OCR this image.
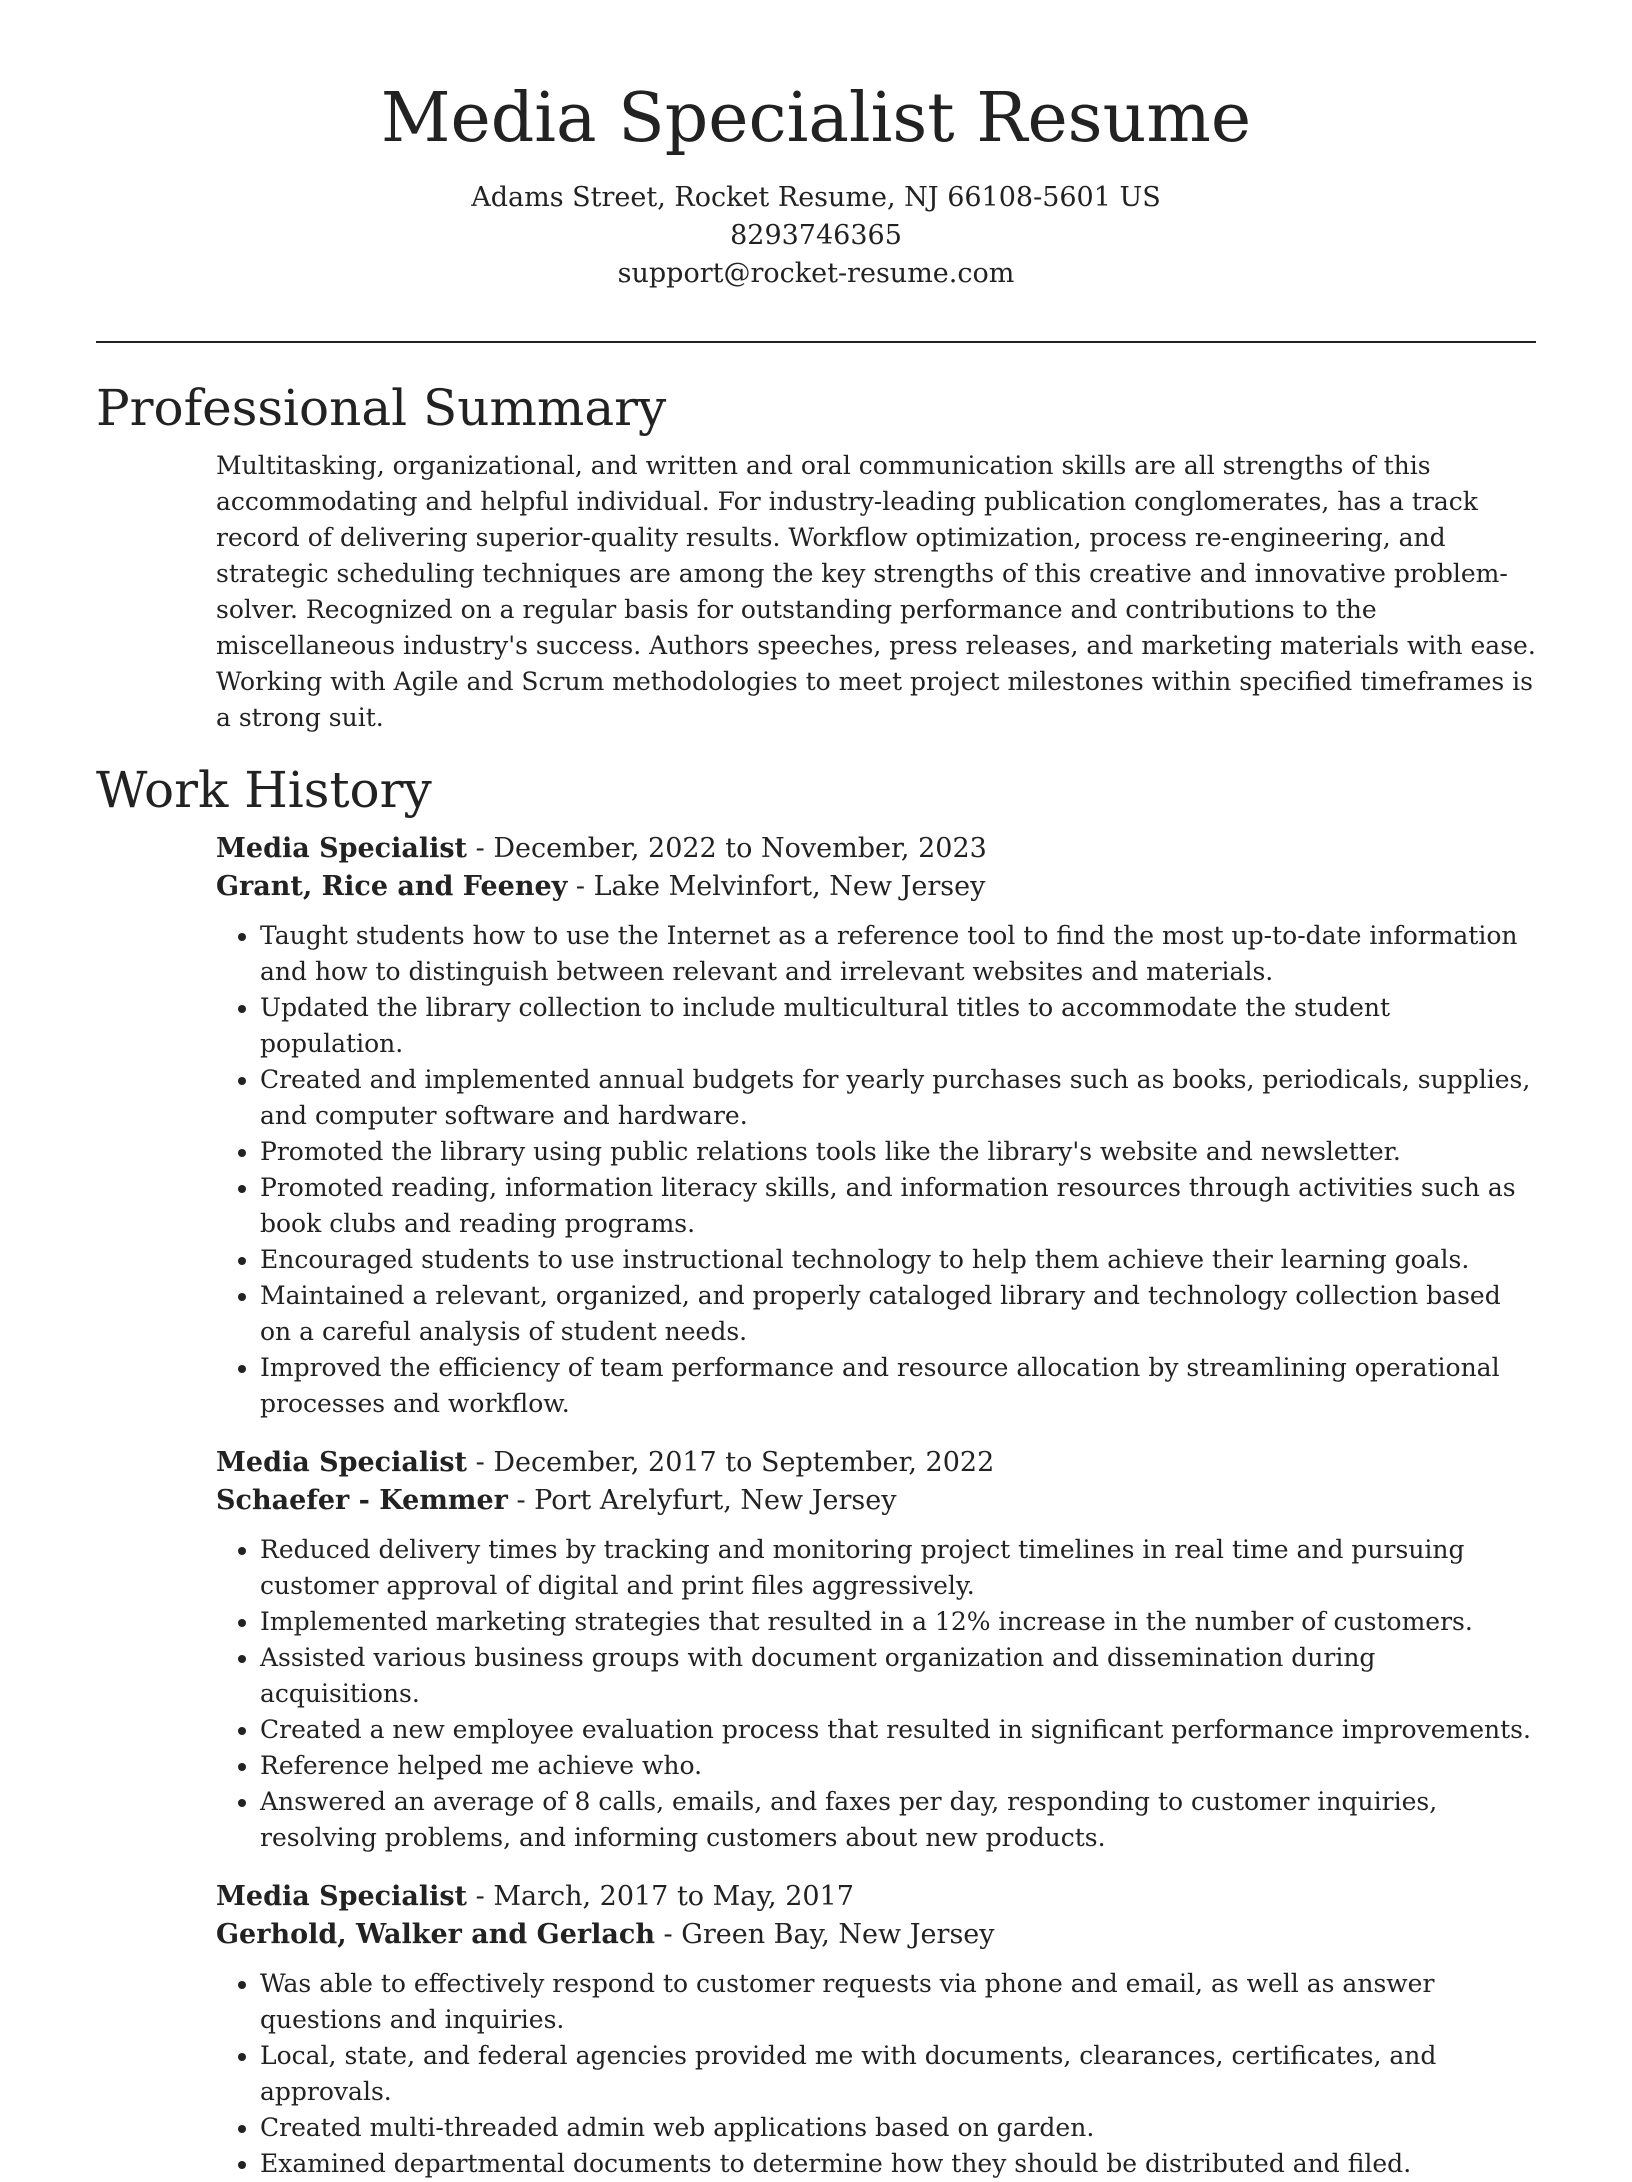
Media Specialist Resume
Adams Street, Rocket Resume, NJ 66108-5601 US
8293746365
support@rocket-resume.com
Professional Summary

Multitasking, organizational, and written and oral communication skills are all strengths of this accommodating and helpful individual. For industry-leading publication conglomerates, has a track record of delivering superior-quality results. Workflow optimization, process re-engineering, and strategic scheduling techniques are among the key strengths of this creative and innovative problem-solver. Recognized on a regular basis for outstanding performance and contributions to the miscellaneous industry's success. Authors speeches, press releases, and marketing materials with ease. Working with Agile and Scrum methodologies to meet project milestones within specified timeframes is a strong suit.

Work History
Media Specialist - December, 2022 to November, 2023
Grant, Rice and Feeney - Lake Melvinfort, New Jersey
• Taught students how to use the Internet as a reference tool to find the most up-to-date information and how to distinguish between relevant and irrelevant websites and materials.
• Updated the library collection to include multicultural titles to accommodate the student population.
• Created and implemented annual budgets for yearly purchases such as books, periodicals, supplies, and computer software and hardware.
• Promoted the library using public relations tools like the library's website and newsletter.
• Promoted reading, information literacy skills, and information resources through activities such as book clubs and reading programs.
• Encouraged students to use instructional technology to help them achieve their learning goals.
• Maintained a relevant, organized, and properly cataloged library and technology collection based on a careful analysis of student needs.
• Improved the efficiency of team performance and resource allocation by streamlining operational processes and workflow.
Media Specialist - December, 2017 to September, 2022
Schaefer - Kemmer - Port Arelyfurt, New Jersey
• Reduced delivery times by tracking and monitoring project timelines in real time and pursuing customer approval of digital and print files aggressively.
• Implemented marketing strategies that resulted in a 12% increase in the number of customers.
• Assisted various business groups with document organization and dissemination during acquisitions.
• Created a new employee evaluation process that resulted in significant performance improvements.
• Reference helped me achieve who.
• Answered an average of 8 calls, emails, and faxes per day, responding to customer inquiries, resolving problems, and informing customers about new products.
Media Specialist - March, 2017 to May, 2017
Gerhold, Walker and Gerlach - Green Bay, New Jersey
• Was able to effectively respond to customer requests via phone and email, as well as answer questions and inquiries.
• Local, state, and federal agencies provided me with documents, clearances, certificates, and approvals.
• Created multi-threaded admin web applications based on garden.
• Examined departmental documents to determine how they should be distributed and filed.
